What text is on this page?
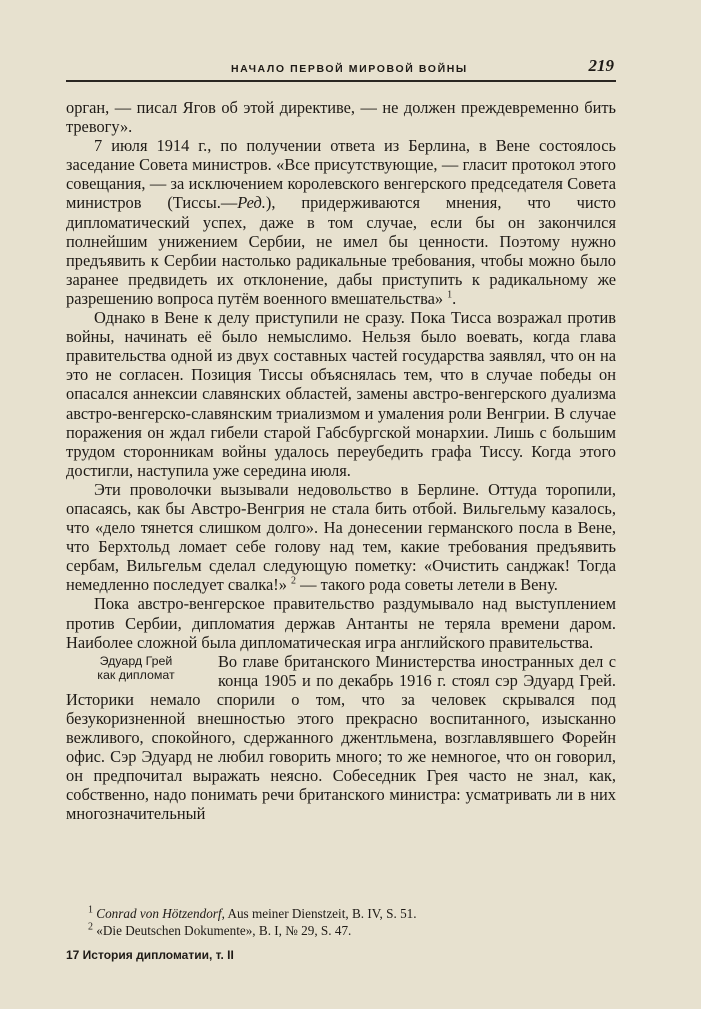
НАЧАЛО ПЕРВОЙ МИРОВОЙ ВОЙНЫ	219

орган, — писал Ягов об этой директиве, — не должен преждевременно бить тревогу».

7 июля 1914 г., по получении ответа из Берлина, в Вене состоялось заседание Совета министров. «Все присутствующие, — гласит протокол этого совещания, — за исключением королевского венгерского председателя Совета министров (Тиссы.—Ред.), придерживаются мнения, что чисто дипломатический успех, даже в том случае, если бы он закончился полнейшим унижением Сербии, не имел бы ценности. Поэтому нужно предъявить к Сербии настолько радикальные требования, чтобы можно было заранее предвидеть их отклонение, дабы приступить к радикальному же разрешению вопроса путём военного вмешательства» $^1$.

Однако в Вене к делу приступили не сразу. Пока Тисса возражал против войны, начинать её было немыслимо. Нельзя было воевать, когда глава правительства одной из двух составных частей государства заявлял, что он на это не согласен. Позиция Тиссы объяснялась тем, что в случае победы он опасался аннексии славянских областей, замены австро-венгерского дуализма австро-венгерско-славянским триализмом и умаления роли Венгрии. В случае поражения он ждал гибели старой Габсбургской монархии. Лишь с большим трудом сторонникам войны удалось переубедить графа Тиссу. Когда этого достигли, наступила уже середина июля.

Эти проволочки вызывали недовольство в Берлине. Оттуда торопили, опасаясь, как бы Австро-Венгрия не стала бить отбой. Вильгельму казалось, что «дело тянется слишком долго». На донесении германского посла в Вене, что Берхтольд ломает себе голову над тем, какие требования предъявить сербам, Вильгельм сделал следующую пометку: «Очистить санджак! Тогда немедленно последует свалка!» $^2$ — такого рода советы летели в Вену.

Пока австро-венгерское правительство раздумывало над выступлением против Сербии, дипломатия держав Антанты не теряла времени даром. Наиболее сложной была дипломатическая игра английского правительства.

Эдуард Грей
как дипломат

Во главе британского Министерства иностранных дел с конца 1905 и по декабрь 1916 г. стоял сэр Эдуард Грей. Историки немало спорили о том, что за человек скрывался под безукоризненной внешностью этого прекрасно воспитанного, изысканно вежливого, спокойного, сдержанного джентльмена, возглавлявшего Форейн офис. Сэр Эдуард не любил говорить много; то же немногое, что он говорил, он предпочитал выражать неясно. Собеседник Грея часто не знал, как, собственно, надо понимать речи британского министра: усматривать ли в них многозначительный

$^1$ Conrad von Hötzendorf, Aus meiner Dienstzeit, B. IV, S. 51.

$^2$ «Die Deutschen Dokumente», B. I, № 29, S. 47.

17 История дипломатии, т. II
